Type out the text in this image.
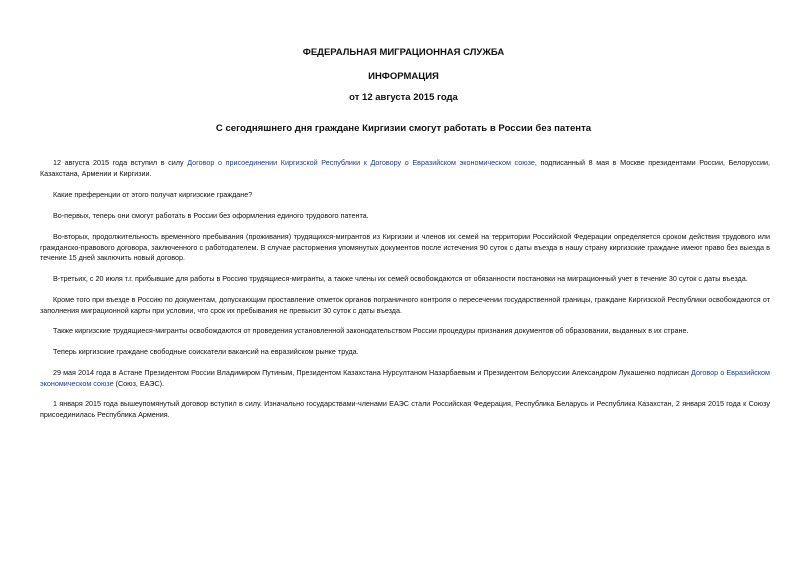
ФЕДЕРАЛЬНАЯ МИГРАЦИОННАЯ СЛУЖБА
ИНФОРМАЦИЯ
от 12 августа 2015 года
С сегодняшнего дня граждане Киргизии смогут работать в России без патента

12 августа 2015 года вступил в силу Договор о присоединении Киргизской Республики к Договору о Евразийском экономическом союзе, подписанный 8 мая в Москве президентами России, Белоруссии, Казахстана, Армении и Киргизии.

Какие преференции от этого получат киргизские граждане?

Во-первых, теперь они смогут работать в России без оформления единого трудового патента.

Во-вторых, продолжительность временного пребывания (проживания) трудящихся-мигрантов из Киргизии и членов их семей на территории Российской Федерации определяется сроком действия трудового или гражданско-правового договора, заключенного с работодателем. В случае расторжения упомянутых документов после истечения 90 суток с даты въезда в нашу страну киргизские граждане имеют право без выезда в течение 15 дней заключить новый договор.

В-третьих, с 20 июля т.г. прибывшие для работы в Россию трудящиеся-мигранты, а также члены их семей освобождаются от обязанности постановки на миграционный учет в течение 30 суток с даты въезда.

Кроме того при въезде в Россию по документам, допускающим проставление отметок органов пограничного контроля о пересечении государственной границы, граждане Киргизской Республики освобождаются от заполнения миграционной карты при условии, что срок их пребывания не превысит 30 суток с даты въезда.

Также киргизские трудящиеся-мигранты освобождаются от проведения установленной законодательством России процедуры признания документов об образовании, выданных в их стране.

Теперь киргизские граждане свободные соискатели вакансий на евразийском рынке труда.

29 мая 2014 года в Астане Президентом России Владимиром Путиным, Президентом Казахстана Нурсултаном Назарбаевым и Президентом Белоруссии Александром Лукашенко подписан Договор о Евразийском экономическом союзе (Союз, ЕАЭС).

1 января 2015 года вышеупомянутый договор вступил в силу. Изначально государствами-членами ЕАЭС стали Российская Федерация, Республика Беларусь и Республика Казахстан, 2 января 2015 года к Союзу присоединилась Республика Армения.
